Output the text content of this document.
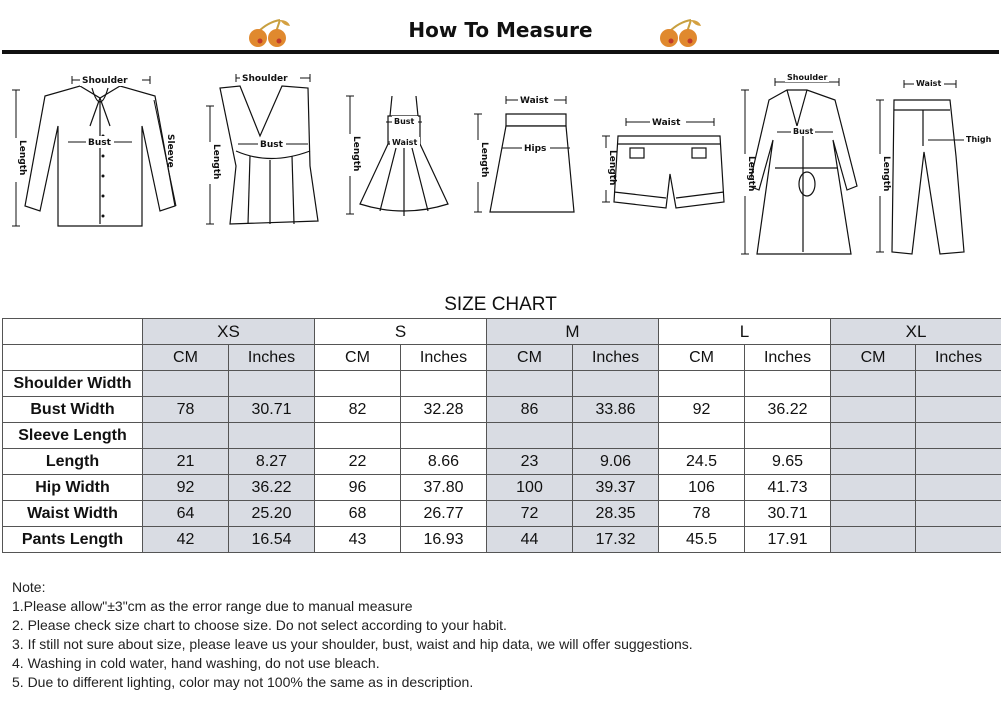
How To Measure
Shoulder
Bust	Sleeve
Length
Shoulder
Bust
Length
Bust
Waist
Length
Waist
Hips
Length
Waist
Length
Shoulder
Bust
Length
Waist
Thigh
Length
SIZE CHART
	XS		S		M		L		XL	
	CM	Inches	CM	Inches	CM	Inches	CM	Inches	CM	Inches
Shoulder Width										
Bust Width	78	30.71	82	32.28	86	33.86	92	36.22		
Sleeve Length										
Length	21	8.27	22	8.66	23	9.06	24.5	9.65		
Hip Width	92	36.22	96	37.80	100	39.37	106	41.73		
Waist Width	64	25.20	68	26.77	72	28.35	78	30.71		
Pants Length	42	16.54	43	16.93	44	17.32	45.5	17.91		
Note:
1.Please allow"±3"cm as the error range due to manual measure
2. Please check size chart to choose size. Do not select according to your habit.
3. If still not sure about size, please leave us your shoulder, bust, waist and hip data, we will offer suggestions.
4. Washing in cold water, hand washing, do not use bleach.
5. Due to different lighting, color may not 100% the same as in description.
